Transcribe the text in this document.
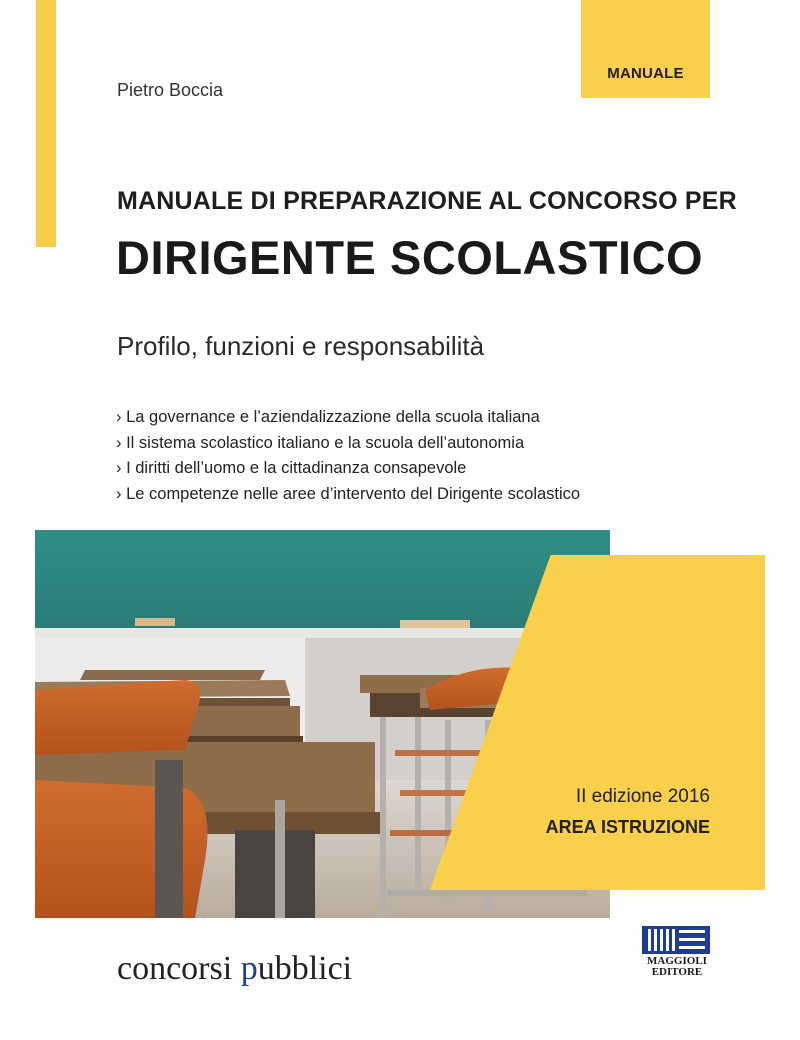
MANUALE
Pietro Boccia
MANUALE DI PREPARAZIONE AL CONCORSO PER
DIRIGENTE SCOLASTICO
Profilo, funzioni e responsabilità
› La governance e l’aziendalizzazione della scuola italiana
› Il sistema scolastico italiano e la scuola dell’autonomia
› I diritti dell’uomo e la cittadinanza consapevole
› Le competenze nelle aree d’intervento del Dirigente scolastico
II edizione 2016
AREA ISTRUZIONE
concorsi pubblici	MAGGIOLI
EDITORE
